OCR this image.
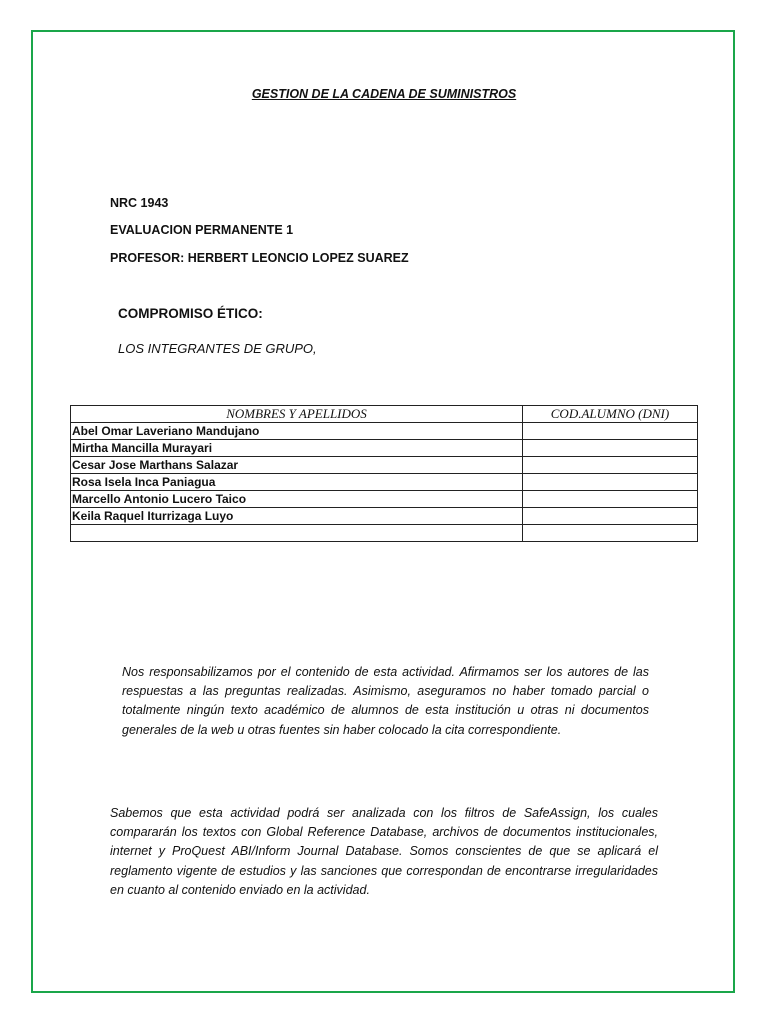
GESTION DE LA CADENA DE SUMINISTROS
NRC 1943
EVALUACION PERMANENTE 1
PROFESOR: HERBERT LEONCIO LOPEZ SUAREZ
COMPROMISO ÉTICO:
LOS INTEGRANTES DE GRUPO,
NOMBRES Y APELLIDOS	COD.ALUMNO (DNI)
Abel Omar Laveriano Mandujano	
Mirtha Mancilla Murayari	
Cesar Jose Marthans Salazar	
Rosa Isela Inca Paniagua	
Marcello Antonio Lucero Taico	
Keila Raquel Iturrizaga Luyo	

Nos responsabilizamos por el contenido de esta actividad. Afirmamos ser los autores de las respuestas a las preguntas realizadas. Asimismo, aseguramos no haber tomado parcial o totalmente ningún texto académico de alumnos de esta institución u otras ni documentos generales de la web u otras fuentes sin haber colocado la cita correspondiente.
Sabemos que esta actividad podrá ser analizada con los filtros de SafeAssign, los cuales compararán los textos con Global Reference Database, archivos de documentos institucionales, internet y ProQuest ABI/Inform Journal Database. Somos conscientes de que se aplicará el reglamento vigente de estudios y las sanciones que correspondan de encontrarse irregularidades en cuanto al contenido enviado en la actividad.
